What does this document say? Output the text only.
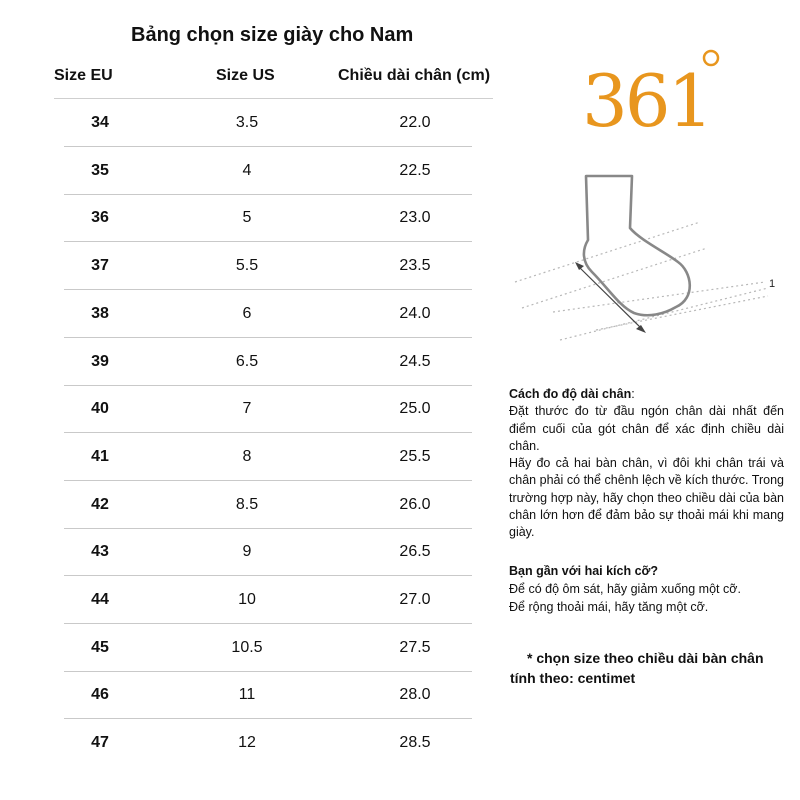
Bảng chọn size giày cho Nam
Size EU	Size US	Chiều dài chân (cm)
34	3.5	22.0
35	4	22.5
36	5	23.0
37	5.5	23.5
38	6	24.0
39	6.5	24.5
40	7	25.0
41	8	25.5
42	8.5	26.0
43	9	26.5
44	10	27.0
45	10.5	27.5
46	11	28.0
47	12	28.5
361
1

Cách đo độ dài chân:

Đặt thước đo từ đầu ngón chân dài nhất đến điểm cuối của gót chân để xác định chiều dài chân.

Hãy đo cả hai bàn chân, vì đôi khi chân trái và chân phải có thể chênh lệch về kích thước. Trong trường hợp này, hãy chọn theo chiều dài của bàn chân lớn hơn để đảm bảo sự thoải mái khi mang giày.

Bạn gần với hai kích cỡ?
Để có độ ôm sát, hãy giảm xuống một cỡ.
Để rộng thoải mái, hãy tăng một cỡ.
* chọn size theo chiều dài bàn chân
tính theo: centimet
